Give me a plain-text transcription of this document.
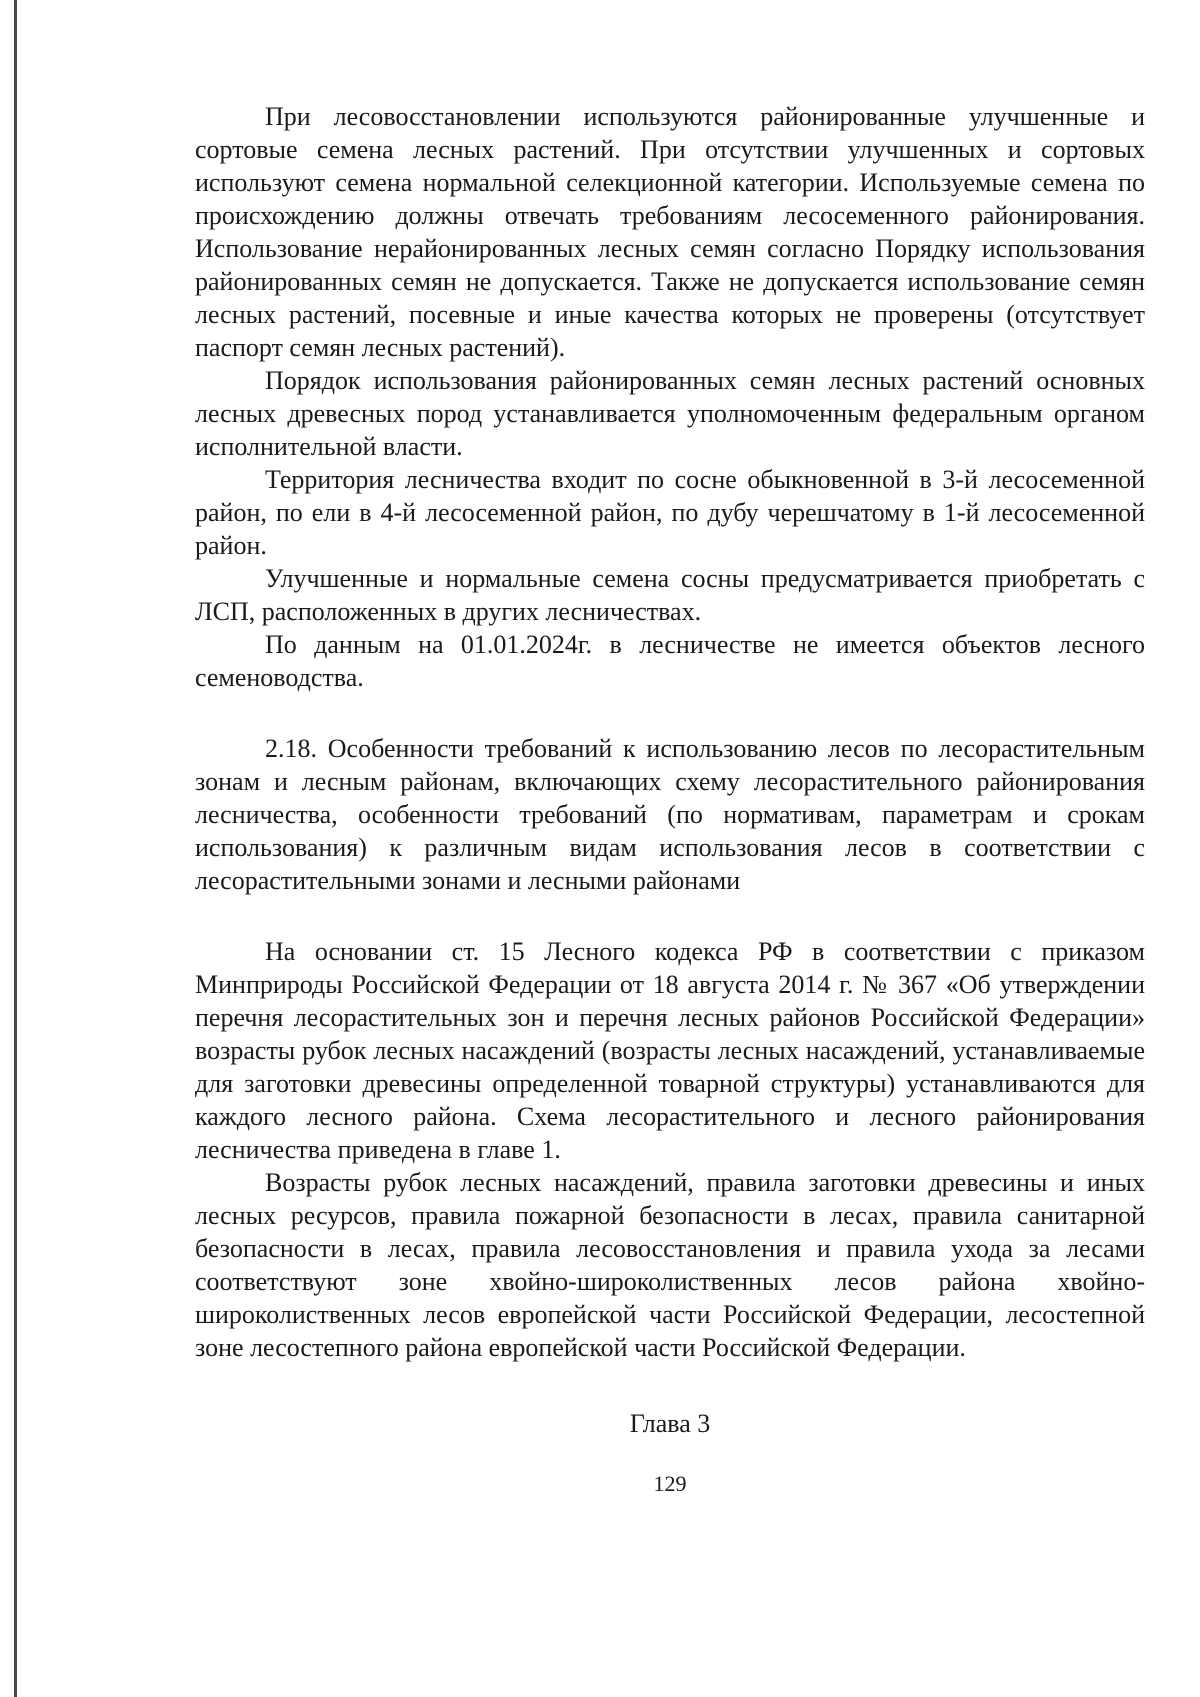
При лесовосстановлении используются районированные улучшенные и сортовые семена лесных растений. При отсутствии улучшенных и сортовых используют семена нормальной селекционной категории. Используемые семена по происхождению должны отвечать требованиям лесосеменного районирования. Использование нерайонированных лесных семян согласно Порядку использования районированных семян не допускается. Также не допускается использование семян лесных растений, посевные и иные качества которых не проверены (отсутствует паспорт семян лесных растений).

Порядок использования районированных семян лесных растений основных лесных древесных пород устанавливается уполномоченным федеральным органом исполнительной власти.

Территория лесничества входит по сосне обыкновенной в 3-й лесосеменной район, по ели в 4-й лесосеменной район, по дубу черешчатому в 1-й лесосеменной район.

Улучшенные и нормальные семена сосны предусматривается приобретать с ЛСП, расположенных в других лесничествах.

По данным на 01.01.2024г. в лесничестве не имеется объектов лесного семеноводства.

2.18. Особенности требований к использованию лесов по лесорастительным зонам и лесным районам, включающих схему лесорастительного районирования лесничества, особенности требований (по нормативам, параметрам и срокам использования) к различным видам использования лесов в соответствии с лесорастительными зонами и лесными районами

На основании ст. 15 Лесного кодекса РФ в соответствии с приказом Минприроды Российской Федерации от 18 августа 2014 г. № 367 «Об утверждении перечня лесорастительных зон и перечня лесных районов Российской Федерации» возрасты рубок лесных насаждений (возрасты лесных насаждений, устанавливаемые для заготовки древесины определенной товарной структуры) устанавливаются для каждого лесного района. Схема лесорастительного и лесного районирования лесничества приведена в главе 1.

Возрасты рубок лесных насаждений, правила заготовки древесины и иных лесных ресурсов, правила пожарной безопасности в лесах, правила санитарной безопасности в лесах, правила лесовосстановления и правила ухода за лесами соответствуют зоне хвойно-широколиственных лесов района хвойно-широколиственных лесов европейской части Российской Федерации, лесостепной зоне лесостепного района европейской части Российской Федерации.

Глава 3
129
